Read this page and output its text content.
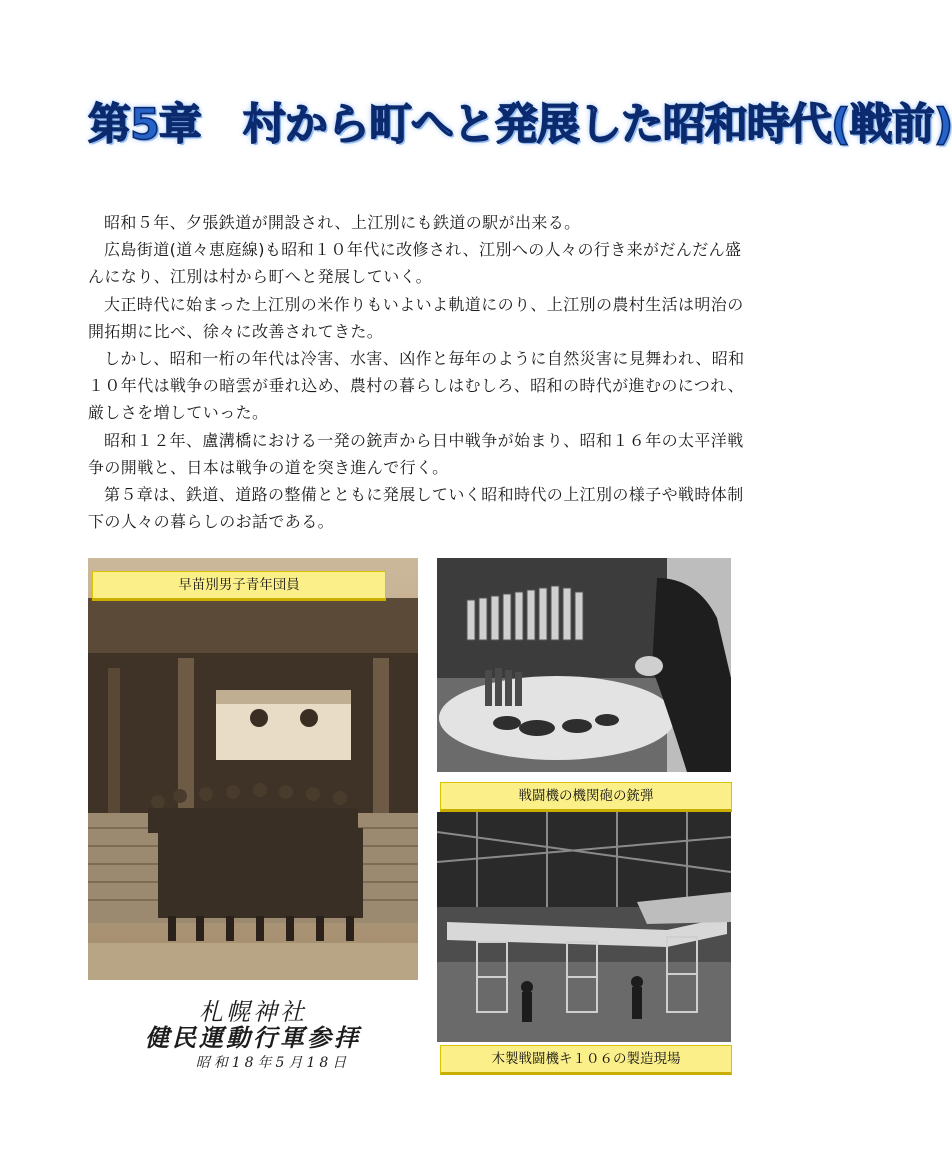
第5章　村から町へと発展した昭和時代(戦前)

昭和５年、夕張鉄道が開設され、上江別にも鉄道の駅が出来る。

広島街道(道々恵庭線)も昭和１０年代に改修され、江別への人々の行き来がだんだん盛んになり、江別は村から町へと発展していく。

大正時代に始まった上江別の米作りもいよいよ軌道にのり、上江別の農村生活は明治の開拓期に比べ、徐々に改善されてきた。

しかし、昭和一桁の年代は冷害、水害、凶作と毎年のように自然災害に見舞われ、昭和１０年代は戦争の暗雲が垂れ込め、農村の暮らしはむしろ、昭和の時代が進むのにつれ、厳しさを増していった。

昭和１２年、盧溝橋における一発の銃声から日中戦争が始まり、昭和１６年の太平洋戦争の開戦と、日本は戦争の道を突き進んで行く。

第５章は、鉄道、道路の整備とともに発展していく昭和時代の上江別の様子や戦時体制下の人々の暮らしのお話である。

早苗別男子青年団員
札幌神社
健民運動行軍参拝
昭和18年5月18日
戦闘機の機関砲の銃弾
木製戦闘機キ１０６の製造現場
